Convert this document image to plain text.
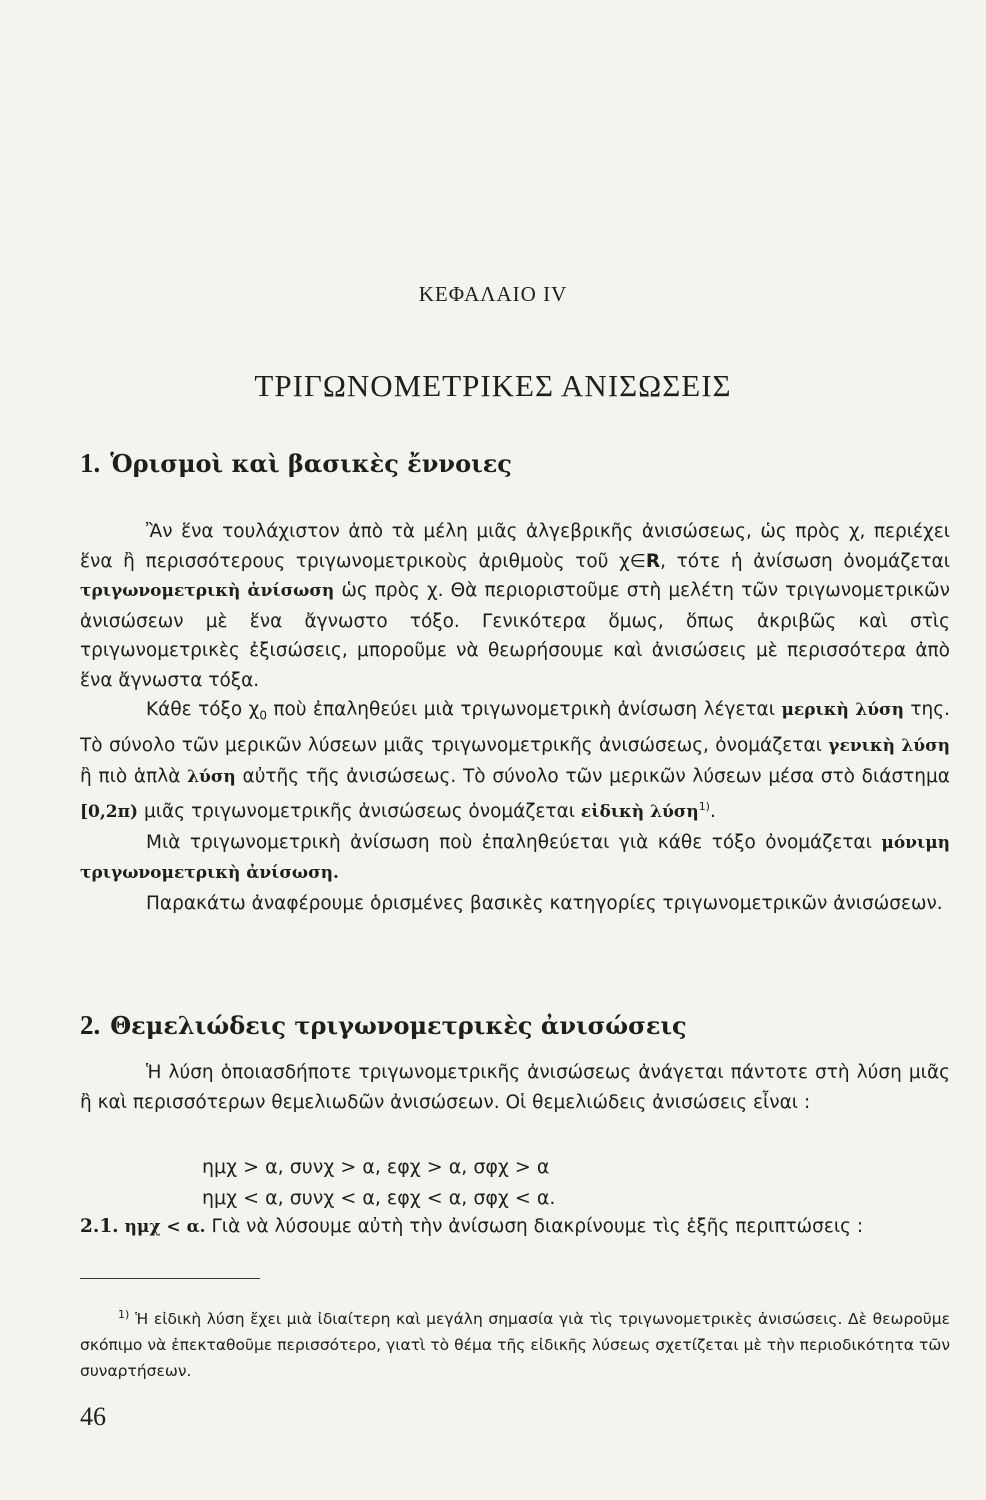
ΚΕΦΑΛΑΙΟ IV
ΤΡΙΓΩΝΟΜΕΤΡΙΚΕΣ ΑΝΙΣΩΣΕΙΣ
1. Ὁρισμοὶ καὶ βασικὲς ἔννοιες

Ἂν ἕνα τουλάχιστον ἀπὸ τὰ μέλη μιᾶς ἀλγεβρικῆς ἀνισώσεως, ὡς πρὸς χ, περιέχει ἕνα ἢ περισσότερους τριγωνομετρικοὺς ἀριθμοὺς τοῦ χ∈R, τότε ἡ ἀνίσωση ὀνομάζεται τριγωνομετρικὴ ἀνίσωση ὡς πρὸς χ. Θὰ περιοριστοῦμε στὴ μελέτη τῶν τριγωνομετρικῶν ἀνισώσεων μὲ ἕνα ἄγνωστο τόξο. Γενικότερα ὅμως, ὅπως ἀκριβῶς καὶ στὶς τριγωνομετρικὲς ἐξισώσεις, μποροῦμε νὰ θεωρήσουμε καὶ ἀνισώσεις μὲ περισσότερα ἀπὸ ἕνα ἄγνωστα τόξα.

Κάθε τόξο $\chi_0$ ποὺ ἐπαληθεύει μιὰ τριγωνομετρικὴ ἀνίσωση λέγεται μερικὴ λύση της. Τὸ σύνολο τῶν μερικῶν λύσεων μιᾶς τριγωνομετρικῆς ἀνισώσεως, ὀνομάζεται γενικὴ λύση ἢ πιὸ ἁπλὰ λύση αὐτῆς τῆς ἀνισώσεως. Τὸ σύνολο τῶν μερικῶν λύσεων μέσα στὸ διάστημα [0,2π) μιᾶς τριγωνομετρικῆς ἀνισώσεως ὀνομάζεται εἰδικὴ λύση$^{1)}$.

Μιὰ τριγωνομετρικὴ ἀνίσωση ποὺ ἐπαληθεύεται γιὰ κάθε τόξο ὀνομάζεται μόνιμη τριγωνομετρικὴ ἀνίσωση.

Παρακάτω ἀναφέρουμε ὁρισμένες βασικὲς κατηγορίες τριγωνομετρικῶν ἀνισώσεων.

2. Θεμελιώδεις τριγωνομετρικὲς ἀνισώσεις

Ἡ λύση ὁποιασδήποτε τριγωνομετρικῆς ἀνισώσεως ἀνάγεται πάντοτε στὴ λύση μιᾶς ἢ καὶ περισσότερων θεμελιωδῶν ἀνισώσεων. Οἱ θεμελιώδεις ἀνισώσεις εἶναι :

ημχ > α, συνχ > α, εφχ > α, σφχ > α
ημχ < α, συνχ < α, εφχ < α, σφχ < α.
2.1. ημχ < α. Γιὰ νὰ λύσουμε αὐτὴ τὴν ἀνίσωση διακρίνουμε τὶς ἑξῆς περιπτώσεις :
$^{1)}$ Ἡ εἰδικὴ λύση ἔχει μιὰ ἰδιαίτερη καὶ μεγάλη σημασία γιὰ τὶς τριγωνομετρικὲς ἀνισώσεις. Δὲ θεωροῦμε σκόπιμο νὰ ἐπεκταθοῦμε περισσότερο, γιατὶ τὸ θέμα τῆς εἰδικῆς λύσεως σχετίζεται μὲ τὴν περιοδικότητα τῶν συναρτήσεων.
46
